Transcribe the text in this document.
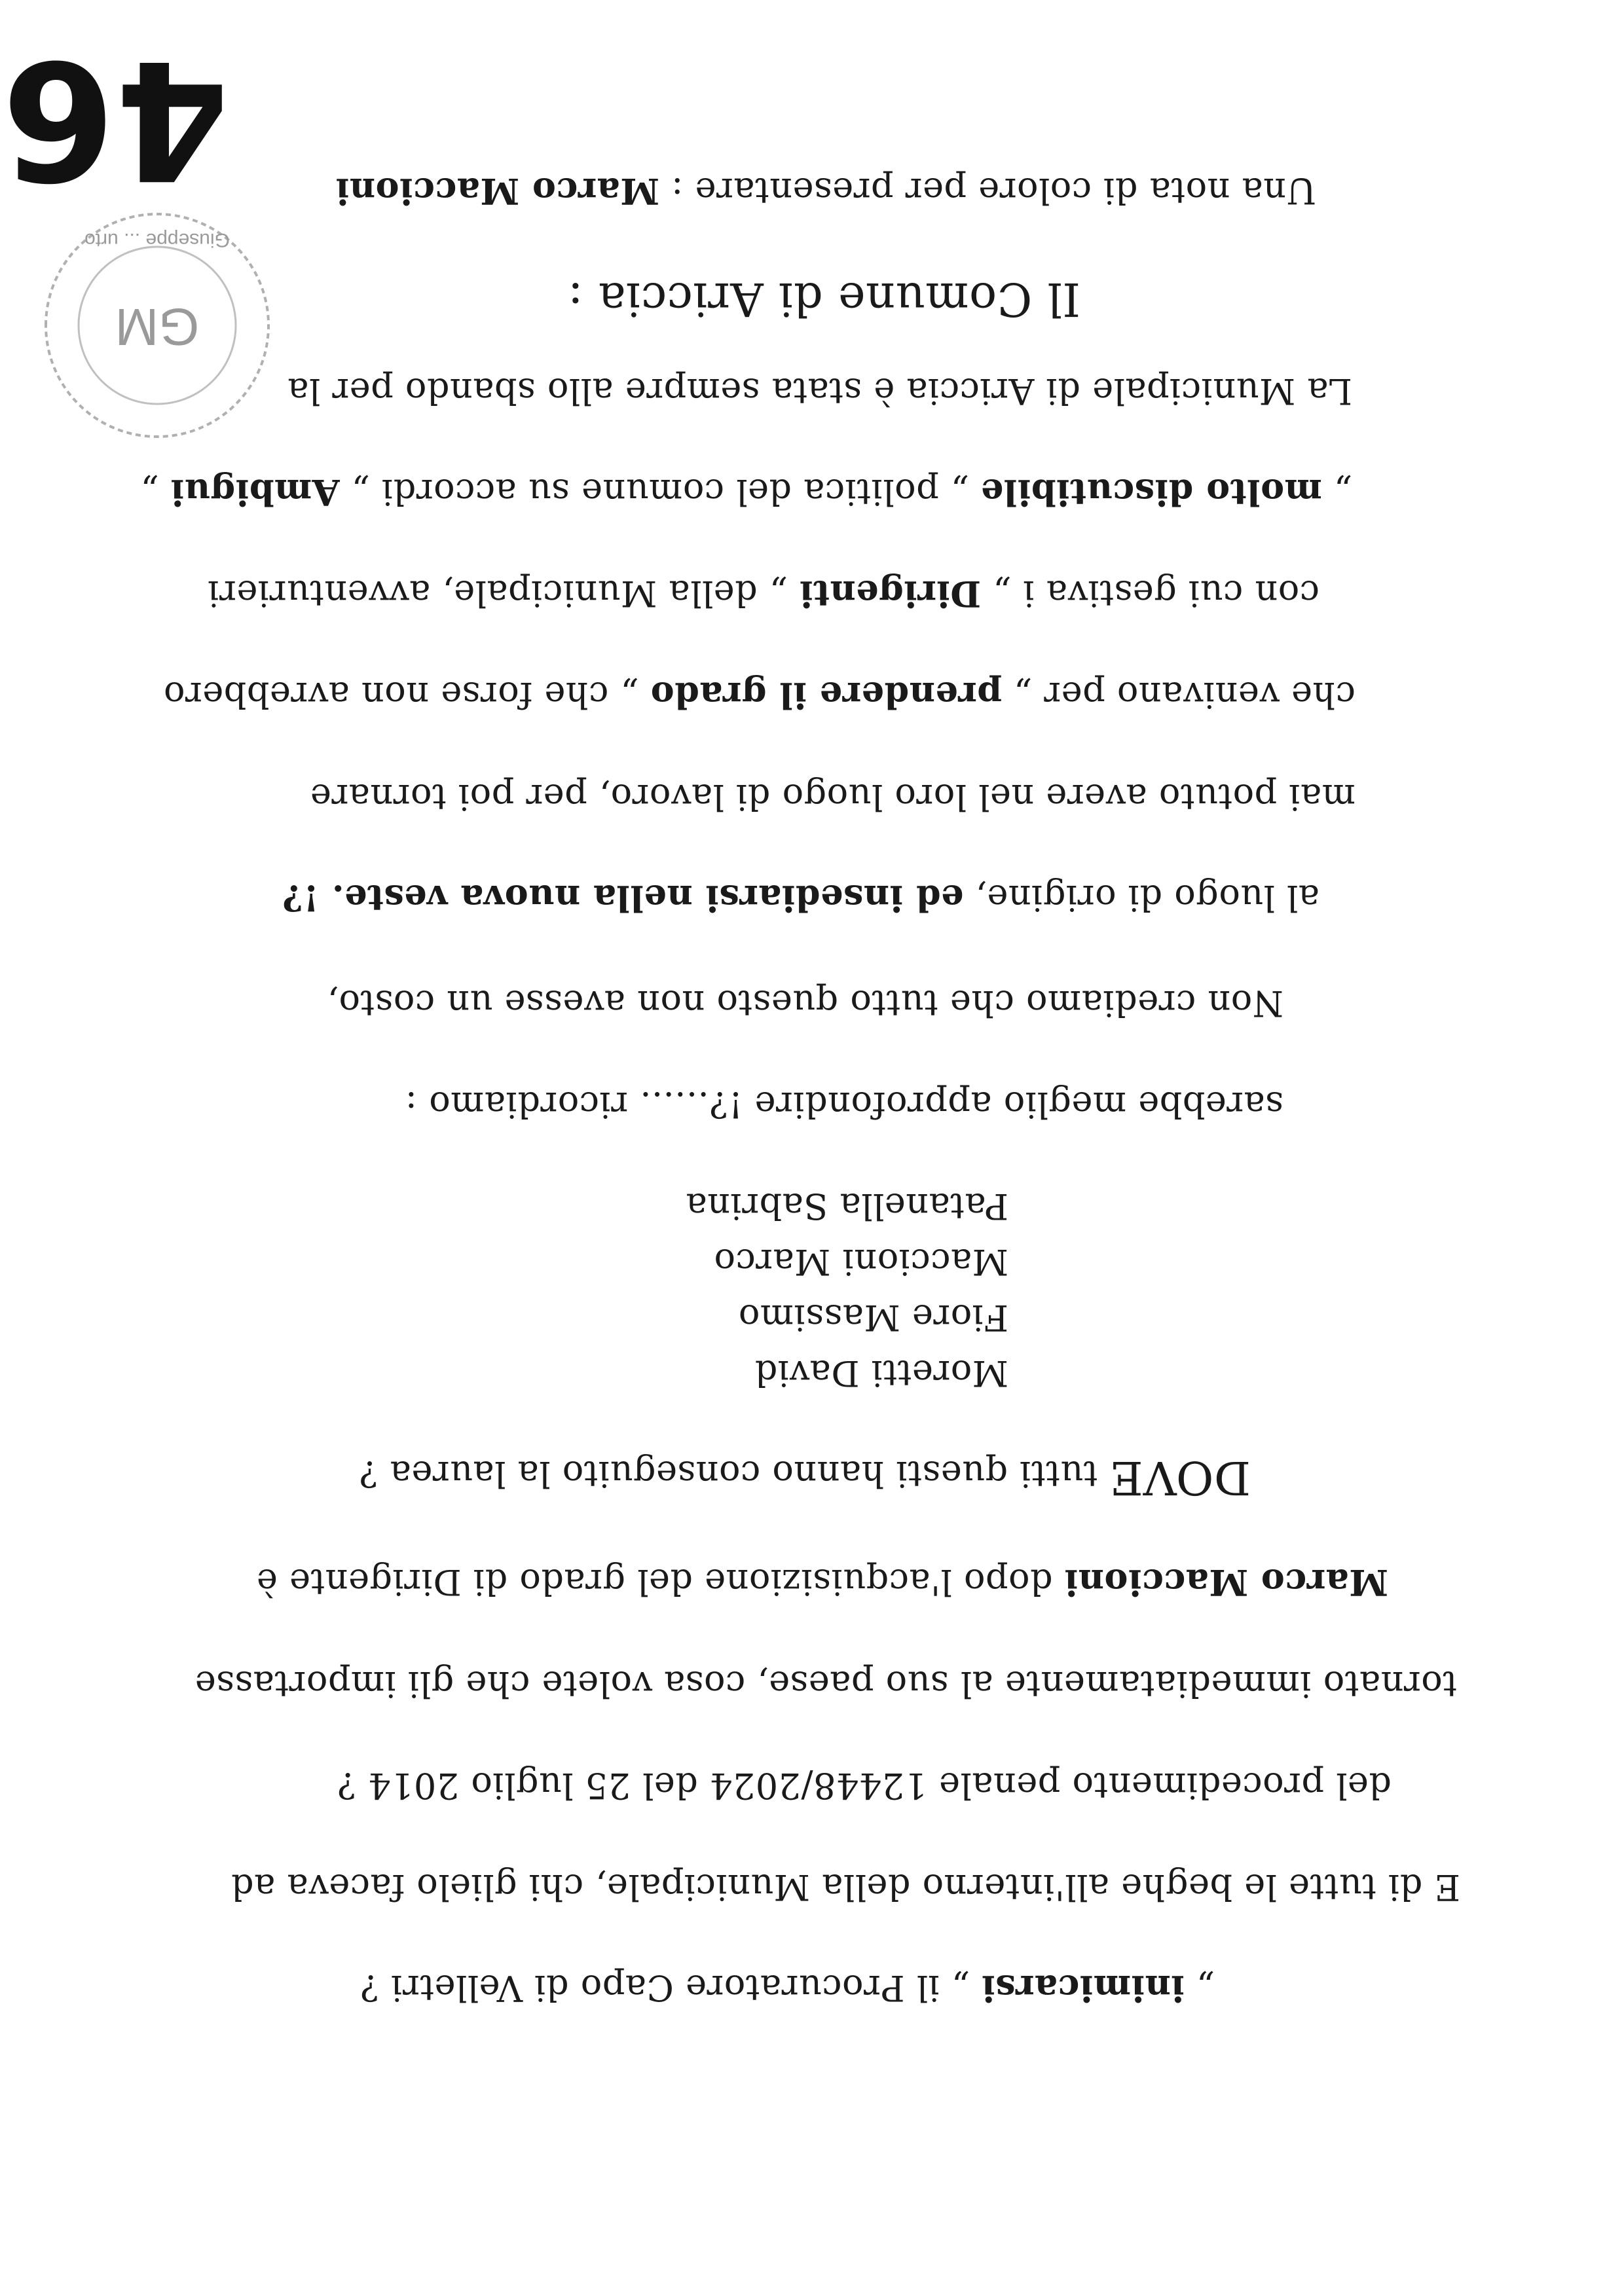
46
GM
Giuseppe ... urto
Una nota di colore per presentare : Marco Maccioni
Il Comune di Ariccia :
La Municipale di Ariccia è stata sempre allo sbando per la
„ molto discutibile „ politica del comune su accordi „ Ambigui „
con cui gestiva i „ Dirigenti „ della Municipale, avventurieri
che venivano per „ prendere il grado „ che forse non avrebbero
mai potuto avere nel loro luogo di lavoro, per poi tornare
al luogo di origine, ed insediarsi nella nuova veste. !?
Non crediamo che tutto questo non avesse un costo,
sarebbe meglio approfondire !?...... ricordiamo :
Patanella Sabrina
Maccioni Marco
Fiore Massimo
Moretti David
DOVE tutti questi hanno conseguito la laurea ?
Marco Maccioni dopo l'acquisizione del grado di Dirigente è
tornato immediatamente al suo paese, cosa volete che gli importasse
del procedimento penale 12448/2024 del 25 luglio 2014 ?
E di tutte le beghe all'interno della Municipale, chi glielo faceva ad
„ inimicarsi „ il Procuratore Capo di Velletri ?
